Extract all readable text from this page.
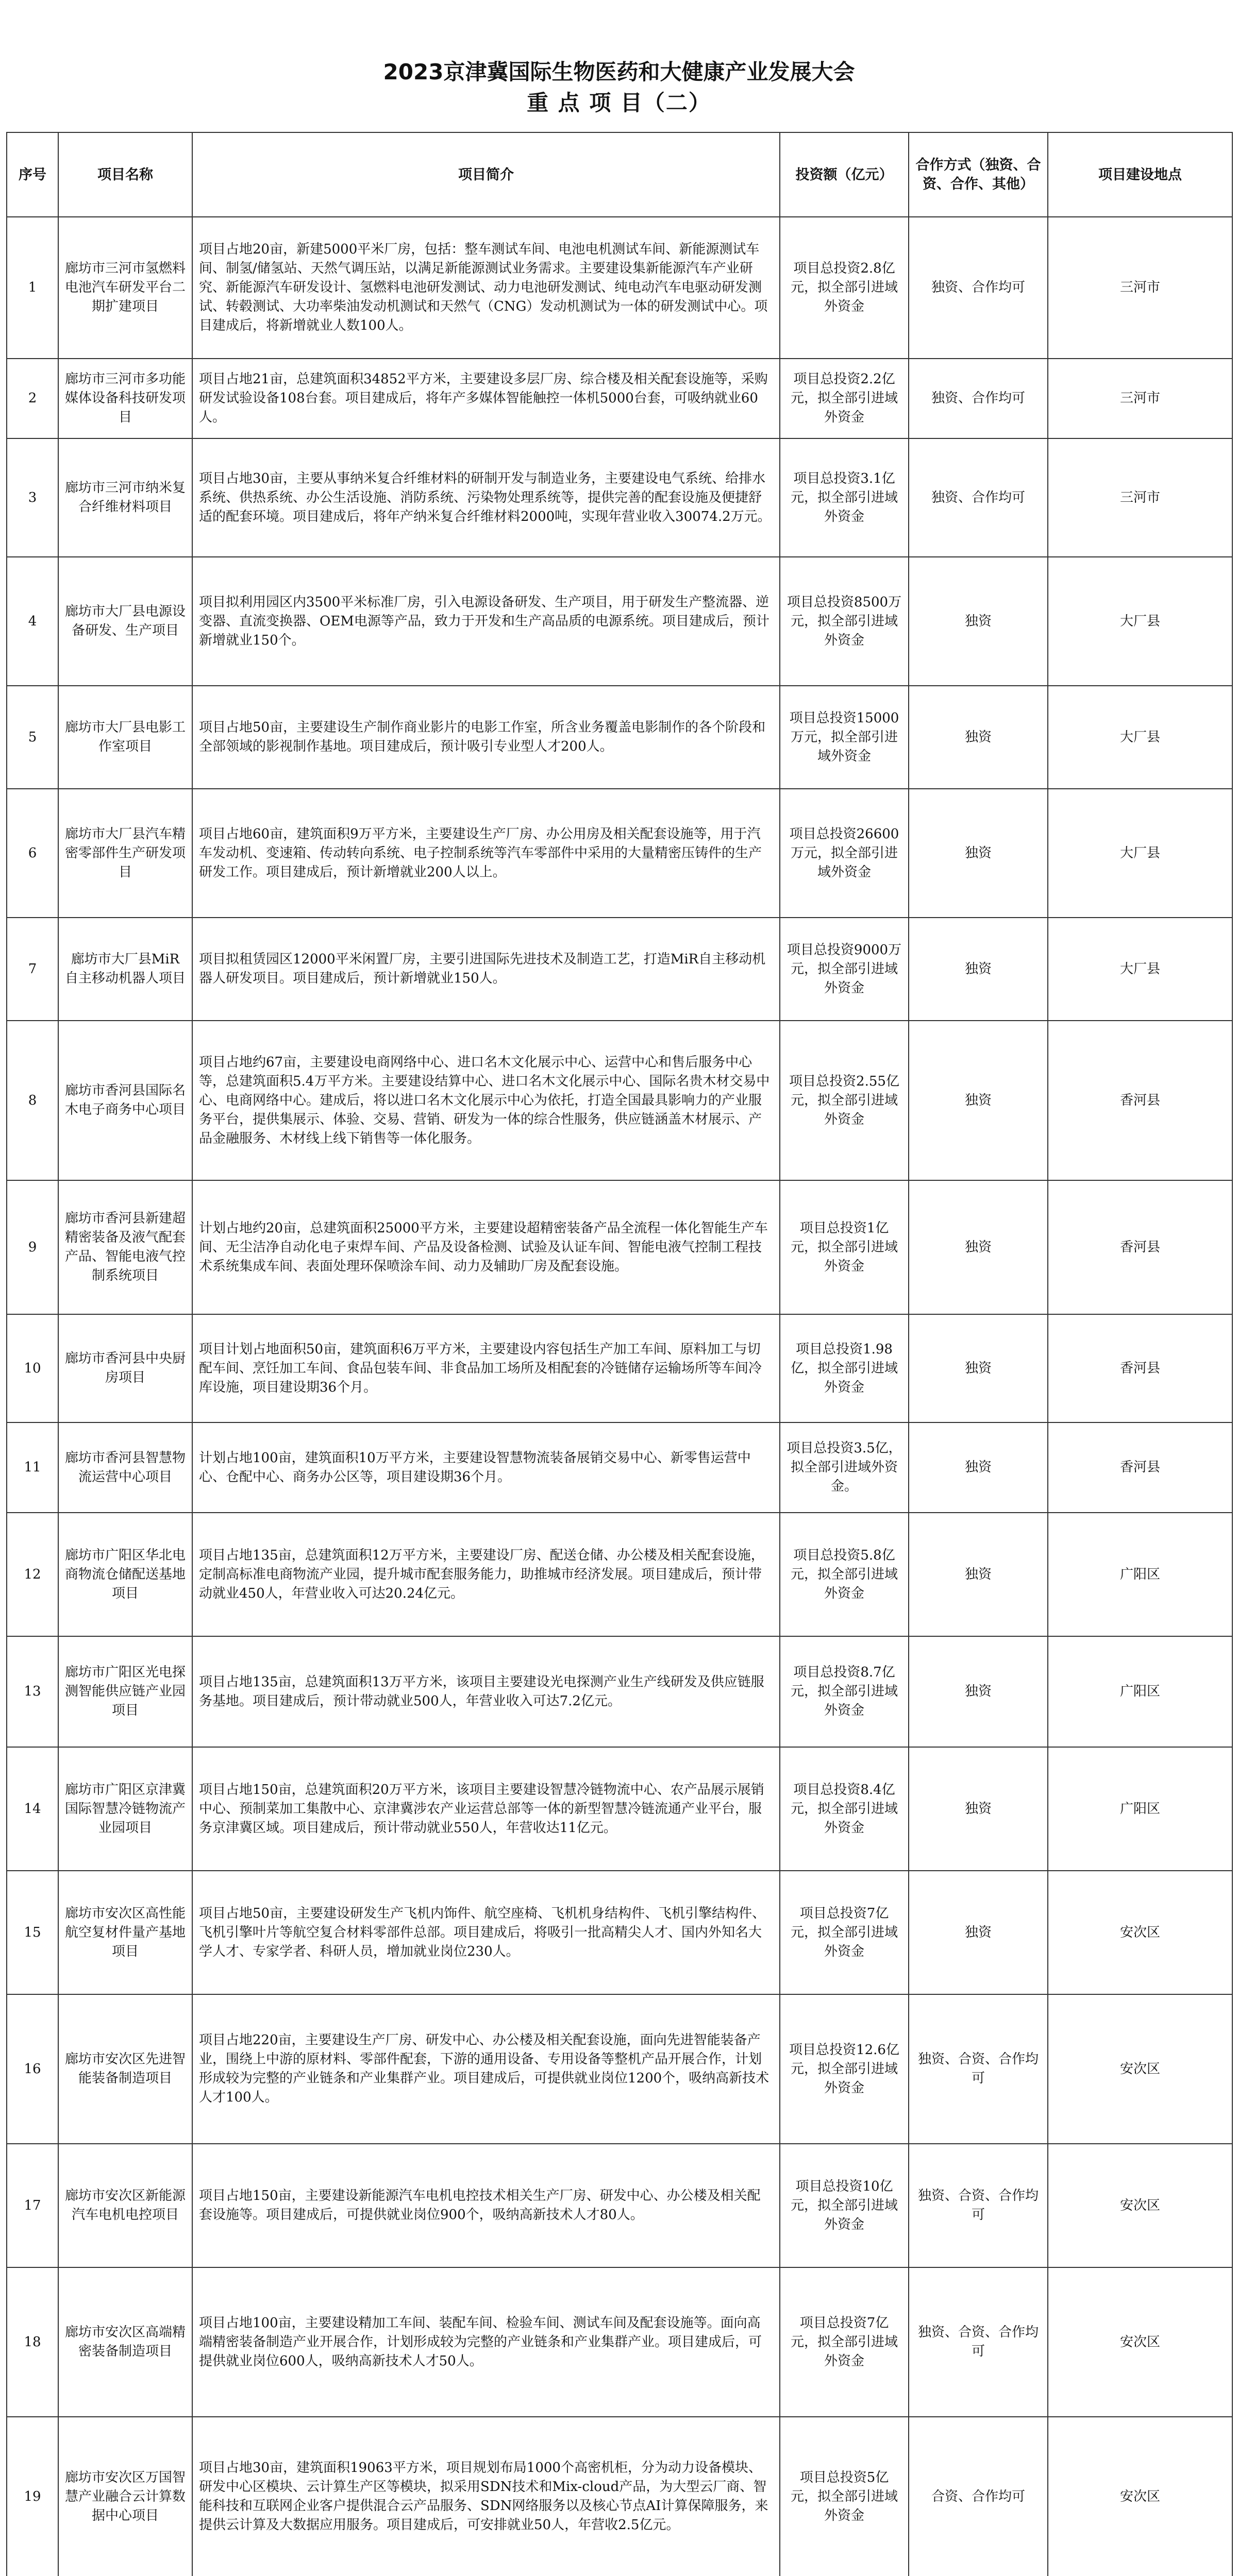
2023京津冀国际生物医药和大健康产业发展大会
重 点 项 目（二）
序号	项目名称	项目简介	投资额（亿元）	合作方式（独资、合资、合作、其他）	项目建设地点
1	廊坊市三河市氢燃料电池汽车研发平台二期扩建项目	项目占地20亩，新建5000平米厂房，包括：整车测试车间、电池电机测试车间、新能源测试车间、制氢/储氢站、天然气调压站，以满足新能源测试业务需求。主要建设集新能源汽车产业研究、新能源汽车研发设计、氢燃料电池研发测试、动力电池研发测试、纯电动汽车电驱动研发测试、转毂测试、大功率柴油发动机测试和天然气（CNG）发动机测试为一体的研发测试中心。项目建成后，将新增就业人数100人。	项目总投资2.8亿元，拟全部引进域外资金	独资、合作均可	三河市
2	廊坊市三河市多功能媒体设备科技研发项目	项目占地21亩，总建筑面积34852平方米，主要建设多层厂房、综合楼及相关配套设施等，采购研发试验设备108台套。项目建成后，将年产多媒体智能触控一体机5000台套，可吸纳就业60人。	项目总投资2.2亿元，拟全部引进域外资金	独资、合作均可	三河市
3	廊坊市三河市纳米复合纤维材料项目	项目占地30亩，主要从事纳米复合纤维材料的研制开发与制造业务，主要建设电气系统、给排水系统、供热系统、办公生活设施、消防系统、污染物处理系统等，提供完善的配套设施及便捷舒适的配套环境。项目建成后，将年产纳米复合纤维材料2000吨，实现年营业收入30074.2万元。	项目总投资3.1亿元，拟全部引进域外资金	独资、合作均可	三河市
4	廊坊市大厂县电源设备研发、生产项目	项目拟利用园区内3500平米标准厂房，引入电源设备研发、生产项目，用于研发生产整流器、逆变器、直流变换器、OEM电源等产品，致力于开发和生产高品质的电源系统。项目建成后，预计新增就业150个。	项目总投资8500万元，拟全部引进域外资金	独资	大厂县
5	廊坊市大厂县电影工作室项目	项目占地50亩，主要建设生产制作商业影片的电影工作室，所含业务覆盖电影制作的各个阶段和全部领域的影视制作基地。项目建成后，预计吸引专业型人才200人。	项目总投资15000万元，拟全部引进域外资金	独资	大厂县
6	廊坊市大厂县汽车精密零部件生产研发项目	项目占地60亩，建筑面积9万平方米，主要建设生产厂房、办公用房及相关配套设施等，用于汽车发动机、变速箱、传动转向系统、电子控制系统等汽车零部件中采用的大量精密压铸件的生产研发工作。项目建成后，预计新增就业200人以上。	项目总投资26600万元，拟全部引进域外资金	独资	大厂县
7	廊坊市大厂县MiR自主移动机器人项目	项目拟租赁园区12000平米闲置厂房，主要引进国际先进技术及制造工艺，打造MiR自主移动机器人研发项目。项目建成后，预计新增就业150人。	项目总投资9000万元，拟全部引进域外资金	独资	大厂县
8	廊坊市香河县国际名木电子商务中心项目	项目占地约67亩，主要建设电商网络中心、进口名木文化展示中心、运营中心和售后服务中心等，总建筑面积5.4万平方米。主要建设结算中心、进口名木文化展示中心、国际名贵木材交易中心、电商网络中心。建成后，将以进口名木文化展示中心为依托，打造全国最具影响力的产业服务平台，提供集展示、体验、交易、营销、研发为一体的综合性服务，供应链涵盖木材展示、产品金融服务、木材线上线下销售等一体化服务。	项目总投资2.55亿元，拟全部引进域外资金	独资	香河县
9	廊坊市香河县新建超精密装备及液气配套产品、智能电液气控制系统项目	计划占地约20亩，总建筑面积25000平方米，主要建设超精密装备产品全流程一体化智能生产车间、无尘洁净自动化电子束焊车间、产品及设备检测、试验及认证车间、智能电液气控制工程技术系统集成车间、表面处理环保喷涂车间、动力及辅助厂房及配套设施。	项目总投资1亿元，拟全部引进域外资金	独资	香河县
10	廊坊市香河县中央厨房项目	项目计划占地面积50亩，建筑面积6万平方米，主要建设内容包括生产加工车间、原料加工与切配车间、烹饪加工车间、食品包装车间、非食品加工场所及相配套的冷链储存运输场所等车间冷库设施，项目建设期36个月。	项目总投资1.98亿，拟全部引进域外资金	独资	香河县
11	廊坊市香河县智慧物流运营中心项目	计划占地100亩，建筑面积10万平方米，主要建设智慧物流装备展销交易中心、新零售运营中心、仓配中心、商务办公区等，项目建设期36个月。	项目总投资3.5亿，拟全部引进域外资金。	独资	香河县
12	廊坊市广阳区华北电商物流仓储配送基地项目	项目占地135亩，总建筑面积12万平方米，主要建设厂房、配送仓储、办公楼及相关配套设施，定制高标准电商物流产业园，提升城市配套服务能力，助推城市经济发展。项目建成后，预计带动就业450人，年营业收入可达20.24亿元。	项目总投资5.8亿元，拟全部引进域外资金	独资	广阳区
13	廊坊市广阳区光电探测智能供应链产业园项目	项目占地135亩，总建筑面积13万平方米，该项目主要建设光电探测产业生产线研发及供应链服务基地。项目建成后，预计带动就业500人，年营业收入可达7.2亿元。	项目总投资8.7亿元，拟全部引进域外资金	独资	广阳区
14	廊坊市广阳区京津冀国际智慧冷链物流产业园项目	项目占地150亩，总建筑面积20万平方米，该项目主要建设智慧冷链物流中心、农产品展示展销中心、预制菜加工集散中心、京津冀涉农产业运营总部等一体的新型智慧冷链流通产业平台，服务京津冀区域。项目建成后，预计带动就业550人，年营收达11亿元。	项目总投资8.4亿元，拟全部引进域外资金	独资	广阳区
15	廊坊市安次区高性能航空复材件量产基地项目	项目占地50亩，主要建设研发生产飞机内饰件、航空座椅、飞机机身结构件、飞机引擎结构件、飞机引擎叶片等航空复合材料零部件总部。项目建成后，将吸引一批高精尖人才、国内外知名大学人才、专家学者、科研人员，增加就业岗位230人。	项目总投资7亿元，拟全部引进域外资金	独资	安次区
16	廊坊市安次区先进智能装备制造项目	项目占地220亩，主要建设生产厂房、研发中心、办公楼及相关配套设施，面向先进智能装备产业，围绕上中游的原材料、零部件配套，下游的通用设备、专用设备等整机产品开展合作，计划形成较为完整的产业链条和产业集群产业。项目建成后，可提供就业岗位1200个，吸纳高新技术人才100人。	项目总投资12.6亿元，拟全部引进域外资金	独资、合资、合作均可	安次区
17	廊坊市安次区新能源汽车电机电控项目	项目占地150亩，主要建设新能源汽车电机电控技术相关生产厂房、研发中心、办公楼及相关配套设施等。项目建成后，可提供就业岗位900个，吸纳高新技术人才80人。	项目总投资10亿元，拟全部引进域外资金	独资、合资、合作均可	安次区
18	廊坊市安次区高端精密装备制造项目	项目占地100亩，主要建设精加工车间、装配车间、检验车间、测试车间及配套设施等。面向高端精密装备制造产业开展合作，计划形成较为完整的产业链条和产业集群产业。项目建成后，可提供就业岗位600人，吸纳高新技术人才50人。	项目总投资7亿元，拟全部引进域外资金	独资、合资、合作均可	安次区
19	廊坊市安次区万国智慧产业融合云计算数据中心项目	项目占地30亩，建筑面积19063平方米，项目规划布局1000个高密机柜，分为动力设备模块、研发中心区模块、云计算生产区等模块，拟采用SDN技术和Mix-cloud产品，为大型云厂商、智能科技和互联网企业客户提供混合云产品服务、SDN网络服务以及核心节点AI计算保障服务，来提供云计算及大数据应用服务。项目建成后，可安排就业50人，年营收2.5亿元。	项目总投资5亿元，拟全部引进域外资金	合资、合作均可	安次区
